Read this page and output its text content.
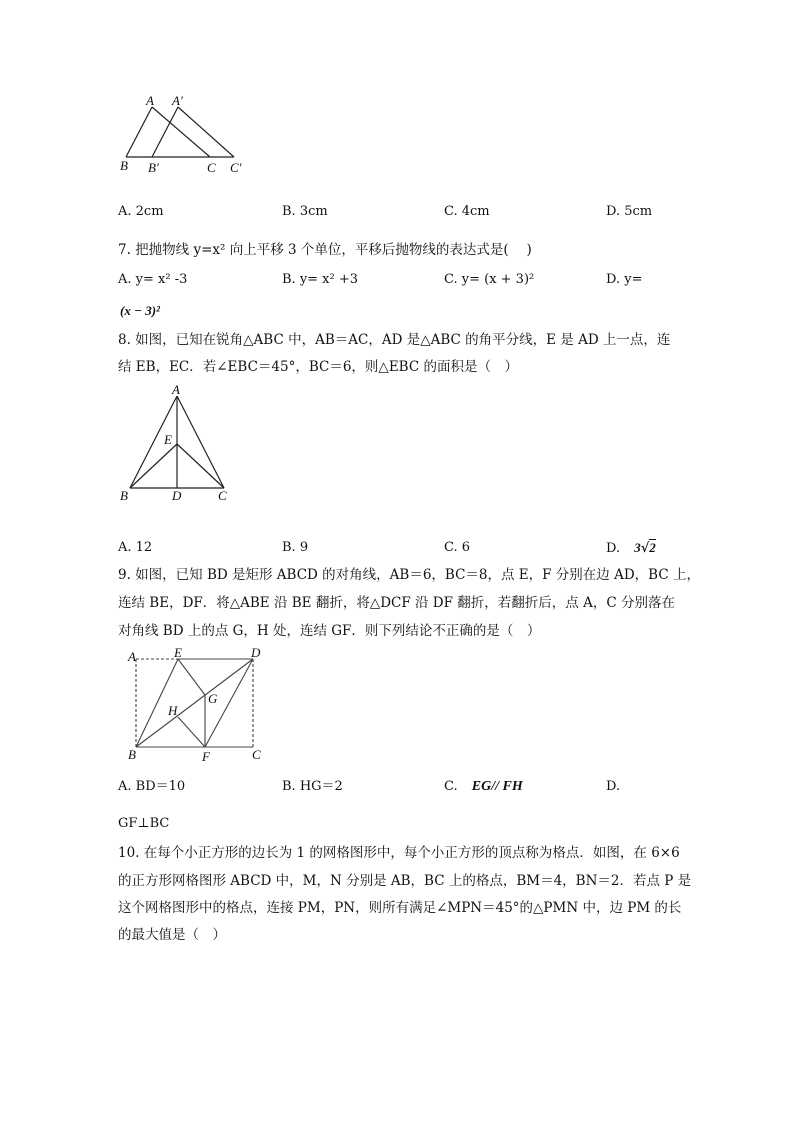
A A′
B B′	C C′
A. 2cm	B. 3cm	C. 4cm	D. 5cm
7. 把抛物线 y=x² 向上平移 3 个单位，平移后抛物线的表达式是(　 )
A. y= x² -3	B. y= x² +3	C. y= (x + 3)²	D. y=
(x − 3)²
8. 如图，已知在锐角△ABC 中，AB＝AC，AD 是△ABC 的角平分线，E 是 AD 上一点，连
结 EB，EC．若∠EBC＝45°，BC＝6，则△EBC 的面积是（　）
A
E
B	D	C
A. 12	B. 9	C. 6	D. 3√2
9. 如图，已知 BD 是矩形 ABCD 的对角线，AB＝6，BC＝8，点 E，F 分别在边 AD，BC 上，
连结 BE，DF．将△ABE 沿 BE 翻折，将△DCF 沿 DF 翻折，若翻折后，点 A，C 分别落在
对角线 BD 上的点 G，H 处，连结 GF．则下列结论不正确的是（　）
A	E	D
G
H
B	F	C
A. BD＝10	B. HG＝2	C. EG// FH	D.
GF⊥BC
10. 在每个小正方形的边长为 1 的网格图形中，每个小正方形的顶点称为格点．如图，在 6×6
的正方形网格图形 ABCD 中，M，N 分别是 AB，BC 上的格点，BM＝4，BN＝2．若点 P 是
这个网格图形中的格点，连接 PM，PN，则所有满足∠MPN＝45°的△PMN 中，边 PM 的长
的最大值是（　）
